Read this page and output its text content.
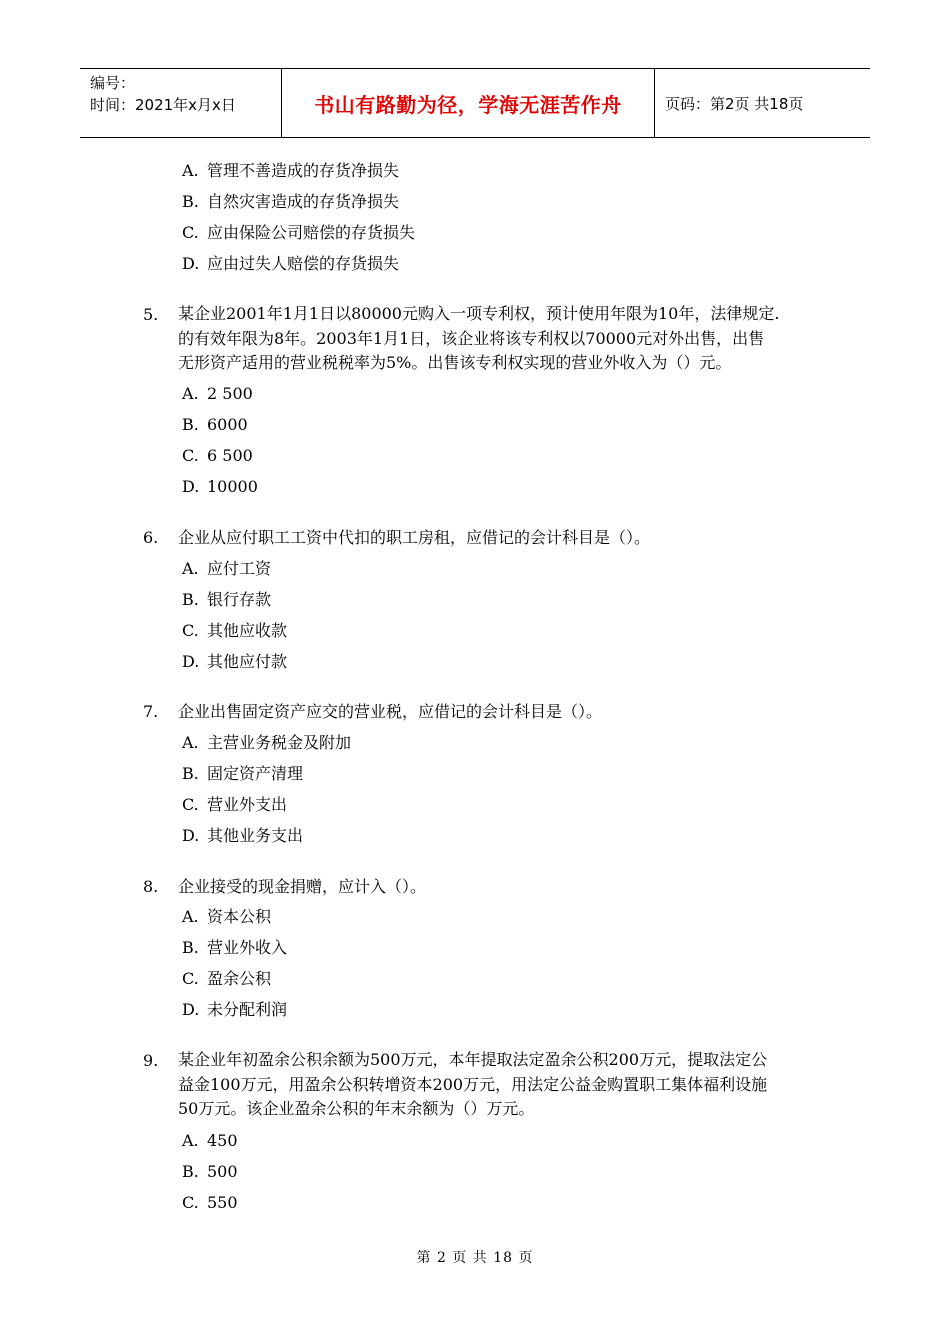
编号：
时间：2021年x月x日	书山有路勤为径，学海无涯苦作舟	页码：第2页 共18页
A. 管理不善造成的存货净损失
B. 自然灾害造成的存货净损失
C. 应由保险公司赔偿的存货损失
D. 应由过失人赔偿的存货损失
5. 某企业2001年1月1日以80000元购入一项专利权，预计使用年限为10年，法律规定.
的有效年限为8年。2003年1月1日，该企业将该专利权以70000元对外出售，出售
无形资产适用的营业税税率为5%。出售该专利权实现的营业外收入为（）元。
A. 2 500
B. 6000
C. 6 500
D. 10000
6. 企业从应付职工工资中代扣的职工房租，应借记的会计科目是（）。
A. 应付工资
B. 银行存款
C. 其他应收款
D. 其他应付款
7. 企业出售固定资产应交的营业税，应借记的会计科目是（）。
A. 主营业务税金及附加
B. 固定资产清理
C. 营业外支出
D. 其他业务支出
8. 企业接受的现金捐赠，应计入（）。
A. 资本公积
B. 营业外收入
C. 盈余公积
D. 未分配利润
9. 某企业年初盈余公积余额为500万元，本年提取法定盈余公积200万元，提取法定公
益金100万元，用盈余公积转增资本200万元，用法定公益金购置职工集体福利设施
50万元。该企业盈余公积的年末余额为（）万元。
A. 450
B. 500
C. 550
第 2 页 共 18 页
